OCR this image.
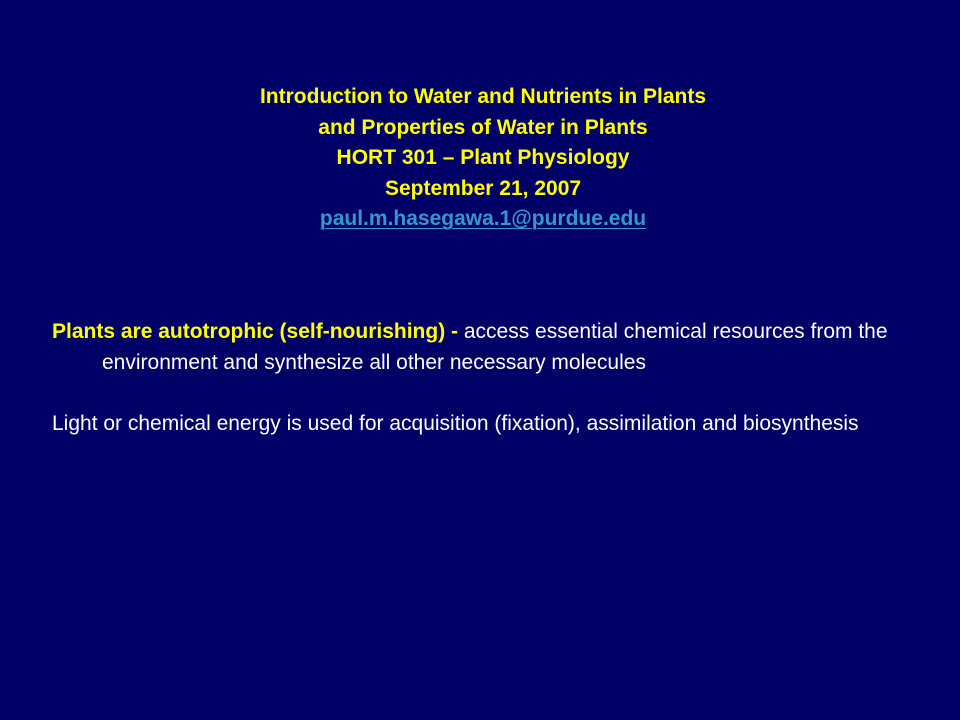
Introduction to Water and Nutrients in Plants
and Properties of Water in Plants
HORT 301 – Plant Physiology
September 21, 2007
paul.m.hasegawa.1@purdue.edu

Plants are autotrophic (self-nourishing) - access essential chemical resources from the environment and synthesize all other necessary molecules

Light or chemical energy is used for acquisition (fixation), assimilation and biosynthesis
